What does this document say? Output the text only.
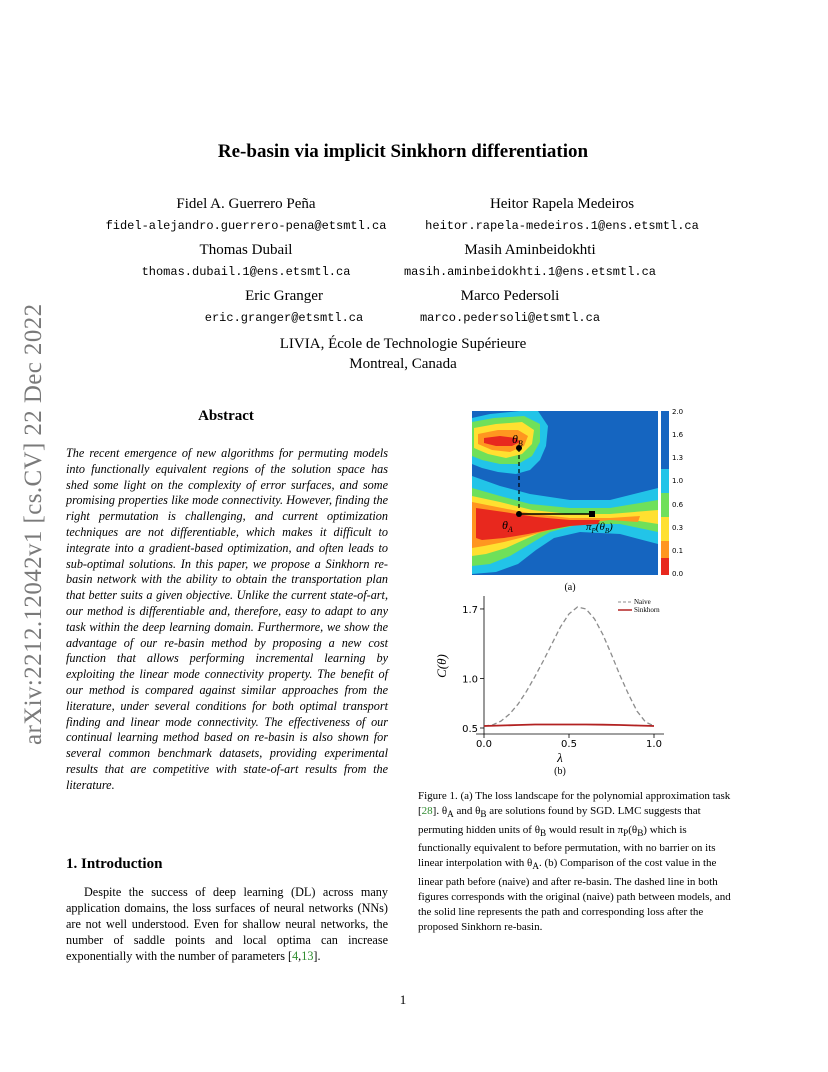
arXiv:2212.12042v1 [cs.CV] 22 Dec 2022
Re-basin via implicit Sinkhorn differentiation
Fidel A. Guerrero Peña
fidel-alejandro.guerrero-pena@etsmtl.ca
Heitor Rapela Medeiros
heitor.rapela-medeiros.1@ens.etsmtl.ca
Thomas Dubail
thomas.dubail.1@ens.etsmtl.ca
Masih Aminbeidokhti
masih.aminbeidokhti.1@ens.etsmtl.ca
Eric Granger
eric.granger@etsmtl.ca
Marco Pedersoli
marco.pedersoli@etsmtl.ca
LIVIA, École de Technologie Supérieure
Montreal, Canada
Abstract
The recent emergence of new algorithms for permuting models into functionally equivalent regions of the solution space has shed some light on the complexity of error surfaces, and some promising properties like mode connectivity. However, finding the right permutation is challenging, and current optimization techniques are not differentiable, which makes it difficult to integrate into a gradient-based optimization, and often leads to sub-optimal solutions. In this paper, we propose a Sinkhorn re-basin network with the ability to obtain the transportation plan that better suits a given objective. Unlike the current state-of-art, our method is differentiable and, therefore, easy to adapt to any task within the deep learning domain. Furthermore, we show the advantage of our re-basin method by proposing a new cost function that allows performing incremental learning by exploiting the linear mode connectivity property. The benefit of our method is compared against similar approaches from the literature, under several conditions for both optimal transport finding and linear mode connectivity. The effectiveness of our continual learning method based on re-basin is also shown for several common benchmark datasets, providing experimental results that are competitive with state-of-art results from the literature.
1. Introduction
Despite the success of deep learning (DL) across many application domains, the loss surfaces of neural networks (NNs) are not well understood. Even for shallow neural networks, the number of saddle points and local optima can increase exponentially with the number of parameters [4,13].
$\theta_B$
$\theta_A$	$\pi_P(\theta_B)$
2.0
1.6
1.3
1.0
0.6
0.3
0.1
0.0
(a)
0.5
1.0
1.7
0.0	0.5	1.0
Naive
Sinkhorn
λ
C(θ)
(b)
Figure 1. (a) The loss landscape for the polynomial approximation task [28]. $\theta_A$ and $\theta_B$ are solutions found by SGD. LMC suggests that permuting hidden units of $\theta_B$ would result in $\pi_P(\theta_B)$ which is functionally equivalent to before permutation, with no barrier on its linear interpolation with $\theta_A$. (b) Comparison of the cost value in the linear path before (naive) and after re-basin. The dashed line in both figures corresponds with the original (naive) path between models, and the solid line represents the path and corresponding loss after the proposed Sinkhorn re-basin.
1
